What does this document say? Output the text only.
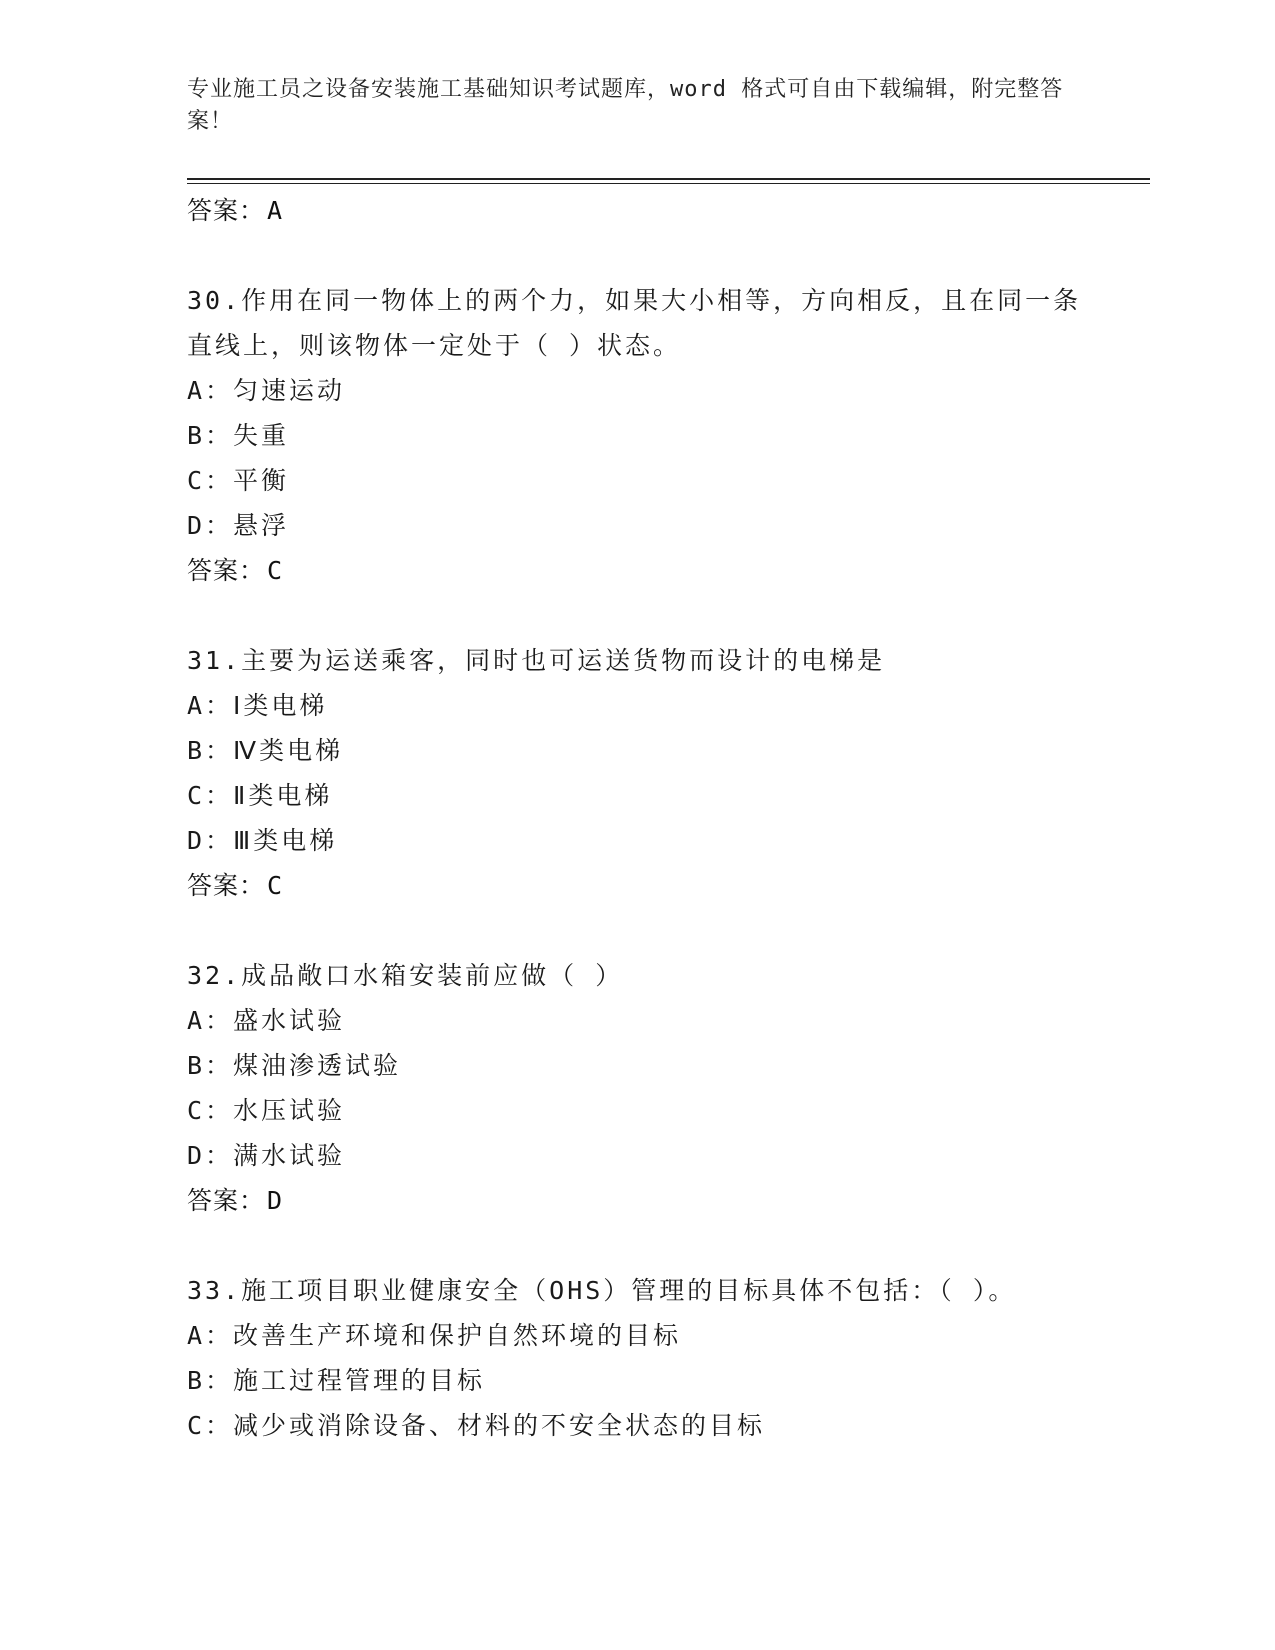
专业施工员之设备安装施工基础知识考试题库，word 格式可自由下载编辑，附完整答案！
答案：A
30.作用在同一物体上的两个力，如果大小相等，方向相反，且在同一条直线上，则该物体一定处于（ ）状态。
A：匀速运动
B：失重
C：平衡
D：悬浮
答案：C
31.主要为运送乘客，同时也可运送货物而设计的电梯是
A：Ⅰ类电梯
B：Ⅳ类电梯
C：Ⅱ类电梯
D：Ⅲ类电梯
答案：C
32.成品敞口水箱安装前应做（ ）
A：盛水试验
B：煤油渗透试验
C：水压试验
D：满水试验
答案：D
33.施工项目职业健康安全（OHS）管理的目标具体不包括：（ ）。
A：改善生产环境和保护自然环境的目标
B：施工过程管理的目标
C：减少或消除设备、材料的不安全状态的目标
